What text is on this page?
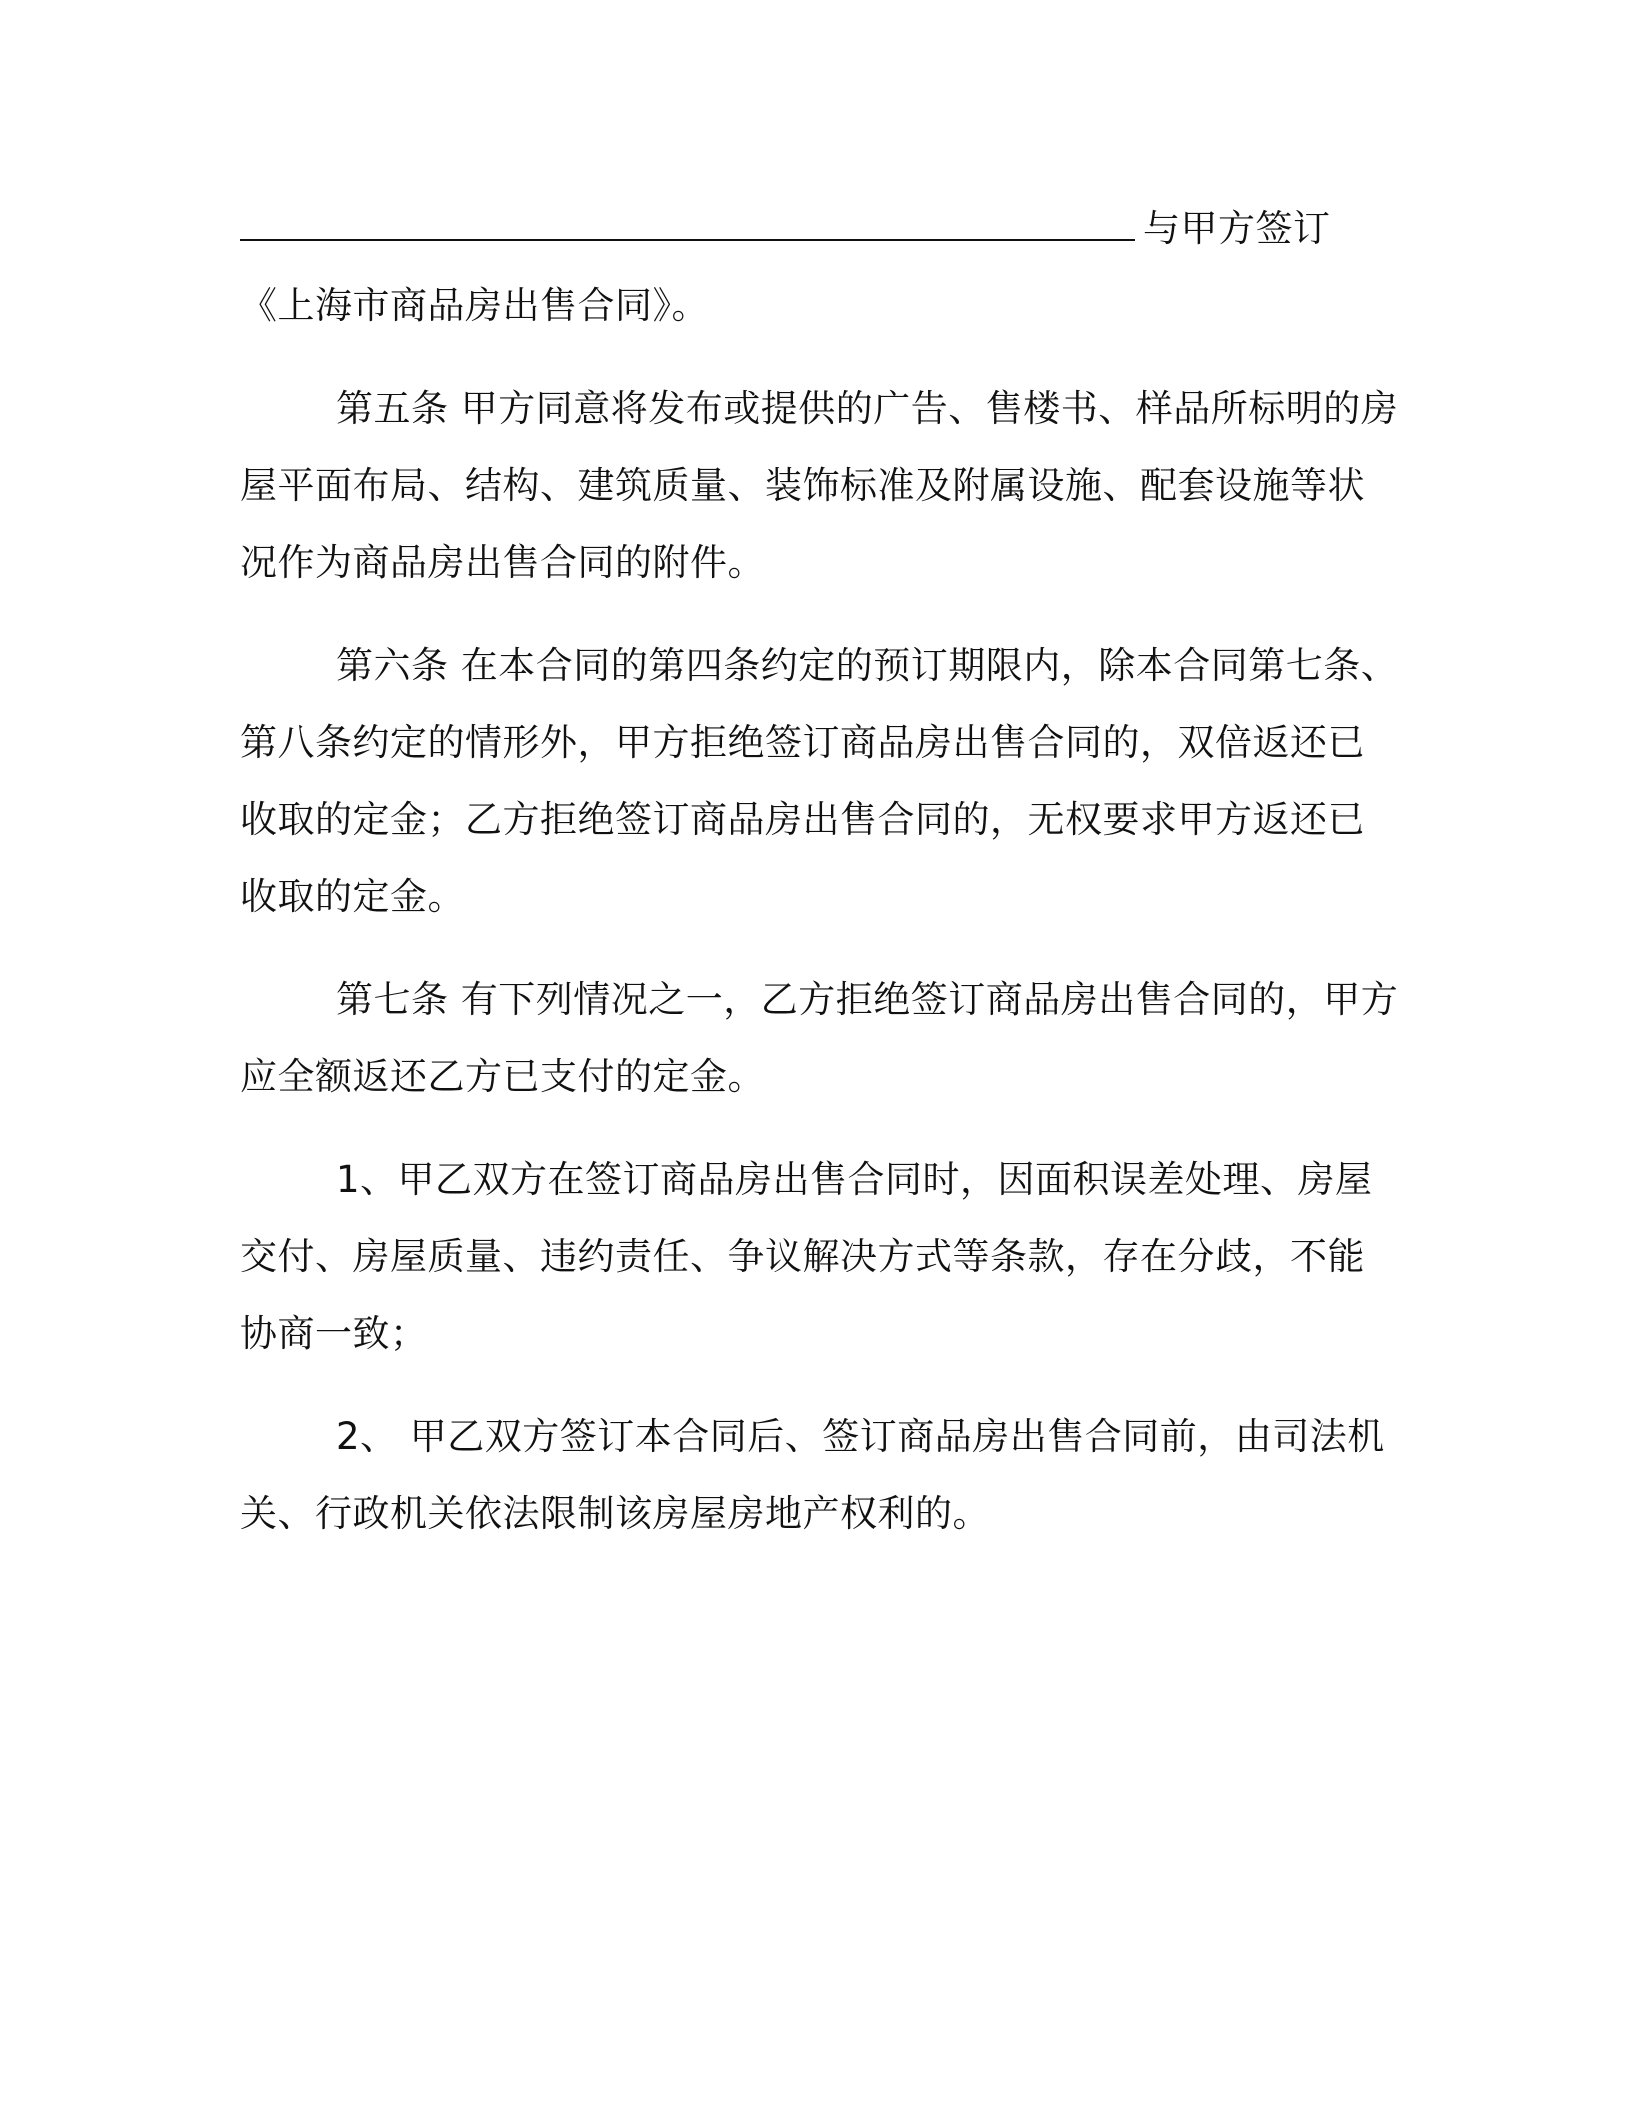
与甲方签订
《上海市商品房出售合同》。
第五条 甲方同意将发布或提供的广告、售楼书、样品所标明的房
屋平面布局、结构、建筑质量、装饰标准及附属设施、配套设施等状
况作为商品房出售合同的附件。
第六条 在本合同的第四条约定的预订期限内，除本合同第七条、
第八条约定的情形外，甲方拒绝签订商品房出售合同的，双倍返还已
收取的定金；乙方拒绝签订商品房出售合同的，无权要求甲方返还已
收取的定金。
第七条 有下列情况之一，乙方拒绝签订商品房出售合同的，甲方
应全额返还乙方已支付的定金。
1、甲乙双方在签订商品房出售合同时，因面积误差处理、房屋
交付、房屋质量、违约责任、争议解决方式等条款，存在分歧，不能
协商一致；
2、 甲乙双方签订本合同后、签订商品房出售合同前，由司法机
关、行政机关依法限制该房屋房地产权利的。
